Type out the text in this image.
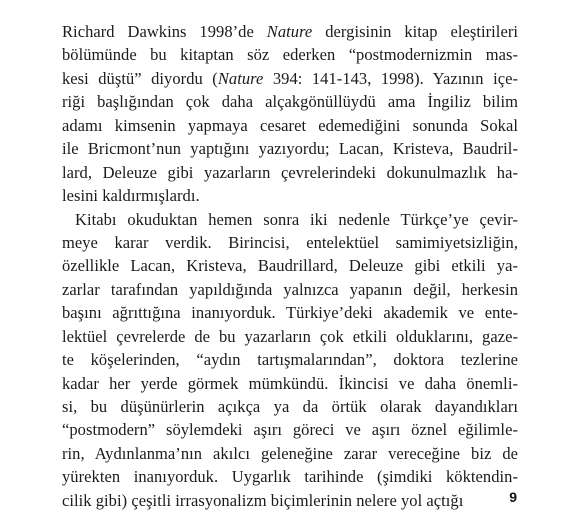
Richard Dawkins 1998’de Nature dergisinin kitap eleştirileri
bölümünde bu kitaptan söz ederken “postmodernizmin mas-
kesi düştü” diyordu (Nature 394: 141-143, 1998). Yazının içe-
riği başlığından çok daha alçakgönüllüydü ama İngiliz bilim
adamı kimsenin yapmaya cesaret edemediğini sonunda Sokal
ile Bricmont’nun yaptığını yazıyordu; Lacan, Kristeva, Baudril-
lard, Deleuze gibi yazarların çevrelerindeki dokunulmazlık ha-
lesini kaldırmışlardı.
Kitabı okuduktan hemen sonra iki nedenle Türkçe’ye çevir-
meye karar verdik. Birincisi, entelektüel samimiyetsizliğin,
özellikle Lacan, Kristeva, Baudrillard, Deleuze gibi etkili ya-
zarlar tarafından yapıldığında yalnızca yapanın değil, herkesin
başını ağrıttığına inanıyorduk. Türkiye’deki akademik ve ente-
lektüel çevrelerde de bu yazarların çok etkili olduklarını, gaze-
te köşelerinden, “aydın tartışmalarından”, doktora tezlerine
kadar her yerde görmek mümkündü. İkincisi ve daha önemli-
si, bu düşünürlerin açıkça ya da örtük olarak dayandıkları
“postmodern” söylemdeki aşırı göreci ve aşırı öznel eğilimle-
rin, Aydınlanma’nın akılcı geleneğine zarar vereceğine biz de
yürekten inanıyorduk. Uygarlık tarihinde (şimdiki köktendin-
cilik gibi) çeşitli irrasyonalizm biçimlerinin nelere yol açtığı	9
